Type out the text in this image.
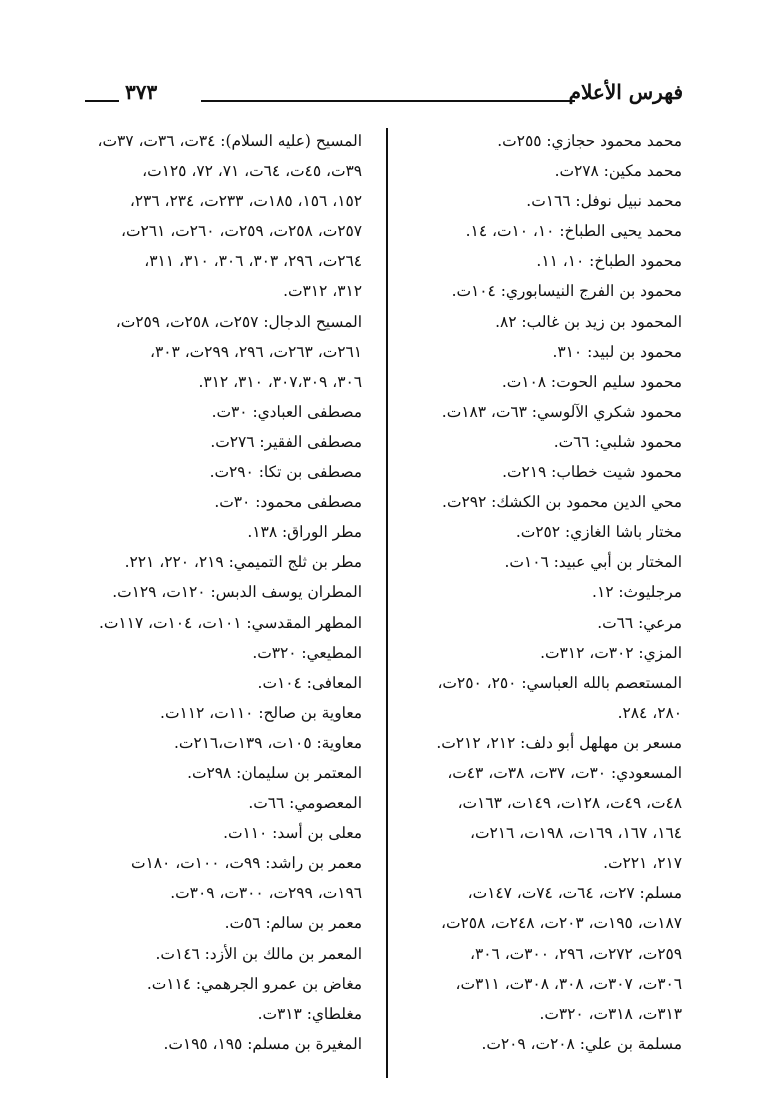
٣٧٣	فهرس الأعلام
محمد محمود حجازي: ٢٥٥ت.
محمد مكين: ٢٧٨ت.
محمد نبيل نوفل: ١٦٦ت.
محمد يحيى الطباخ: ١٠، ١٠ت، ١٤.
محمود الطباخ: ١٠، ١١.
محمود بن الفرج النيسابوري: ١٠٤ت.
المحمود بن زيد بن غالب: ٨٢.
محمود بن لبيد: ٣١٠.
محمود سليم الحوت: ١٠٨ت.
محمود شكري الآلوسي: ٦٣ت، ١٨٣ت.
محمود شلبي: ٦٦ت.
محمود شيت خطاب: ٢١٩ت.
محي الدين محمود بن الكشك: ٢٩٢ت.
مختار باشا الغازي: ٢٥٢ت.
المختار بن أبي عبيد: ١٠٦ت.
مرجليوث: ١٢.
مرعي: ٦٦ت.
المزي: ٣٠٢ت، ٣١٢ت.
المستعصم بالله العباسي: ٢٥٠، ٢٥٠ت،
٢٨٠، ٢٨٤.
مسعر بن مهلهل أبو دلف: ٢١٢، ٢١٢ت.
المسعودي: ٣٠ت، ٣٧ت، ٣٨ت، ٤٣ت،
٤٨ت، ٤٩ت، ١٢٨ت، ١٤٩ت، ١٦٣ت،
١٦٤، ١٦٧، ١٦٩ت، ١٩٨ت، ٢١٦ت،
٢١٧، ٢٢١ت.
مسلم: ٢٧ت، ٦٤ت، ٧٤ت، ١٤٧ت،
١٨٧ت، ١٩٥ت، ٢٠٣ت، ٢٤٨ت، ٢٥٨ت،
٢٥٩ت، ٢٧٢ت، ٢٩٦، ٣٠٠ت، ٣٠٦،
٣٠٦ت، ٣٠٧ت، ٣٠٨، ٣٠٨ت، ٣١١ت،
٣١٣ت، ٣١٨ت، ٣٢٠ت.
مسلمة بن علي: ٢٠٨ت، ٢٠٩ت.
المسيح (عليه السلام): ٣٤ت، ٣٦ت، ٣٧ت،
٣٩ت، ٤٥ت، ٦٤ت، ٧١، ٧٢، ١٢٥ت،
١٥٢، ١٥٦، ١٨٥ت، ٢٣٣ت، ٢٣٤، ٢٣٦،
٢٥٧ت، ٢٥٨ت، ٢٥٩ت، ٢٦٠ت، ٢٦١ت،
٢٦٤ت، ٢٩٦، ٣٠٣، ٣٠٦، ٣١٠، ٣١١،
٣١٢، ٣١٢ت.
المسيح الدجال: ٢٥٧ت، ٢٥٨ت، ٢٥٩ت،
٢٦١ت، ٢٦٣ت، ٢٩٦، ٢٩٩ت، ٣٠٣،
٣٠٦، ٣٠٧،٣٠٩، ٣١٠، ٣١٢.
مصطفى العبادي: ٣٠ت.
مصطفى الفقير: ٢٧٦ت.
مصطفى بن تكا: ٢٩٠ت.
مصطفى محمود: ٣٠ت.
مطر الوراق: ١٣٨.
مطر بن ثلج التميمي: ٢١٩، ٢٢٠، ٢٢١.
المطران يوسف الدبس: ١٢٠ت، ١٢٩ت.
المطهر المقدسي: ١٠١ت، ١٠٤ت، ١١٧ت.
المطيعي: ٣٢٠ت.
المعافى: ١٠٤ت.
معاوية بن صالح: ١١٠ت، ١١٢ت.
معاوية: ١٠٥ت، ١٣٩ت،٢١٦ت.
المعتمر بن سليمان: ٢٩٨ت.
المعصومي: ٦٦ت.
معلى بن أسد: ١١٠ت.
معمر بن راشد: ٩٩ت، ١٠٠ت، ١٨٠ت
١٩٦ت، ٢٩٩ت، ٣٠٠ت، ٣٠٩ت.
معمر بن سالم: ٥٦ت.
المعمر بن مالك بن الأزد: ١٤٦ت.
مغاض بن عمرو الجرهمي: ١١٤ت.
مغلطاي: ٣١٣ت.
المغيرة بن مسلم: ١٩٥، ١٩٥ت.
